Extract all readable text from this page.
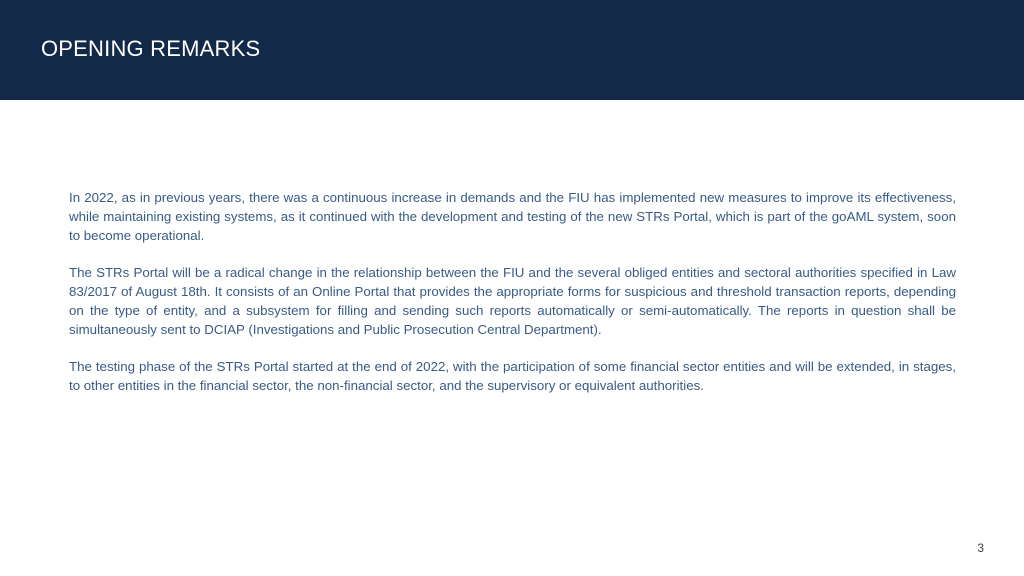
OPENING REMARKS

In 2022, as in previous years, there was a continuous increase in demands and the FIU has implemented new measures to improve its effectiveness, while maintaining existing systems, as it continued with the development and testing of the new STRs Portal, which is part of the goAML system, soon to become operational.

The STRs Portal will be a radical change in the relationship between the FIU and the several obliged entities and sectoral authorities specified in Law 83/2017 of August 18th. It consists of an Online Portal that provides the appropriate forms for suspicious and threshold transaction reports, depending on the type of entity, and a subsystem for filling and sending such reports automatically or semi-automatically. The reports in question shall be simultaneously sent to DCIAP (Investigations and Public Prosecution Central Department).

The testing phase of the STRs Portal started at the end of 2022, with the participation of some financial sector entities and will be extended, in stages, to other entities in the financial sector, the non-financial sector, and the supervisory or equivalent authorities.

3
